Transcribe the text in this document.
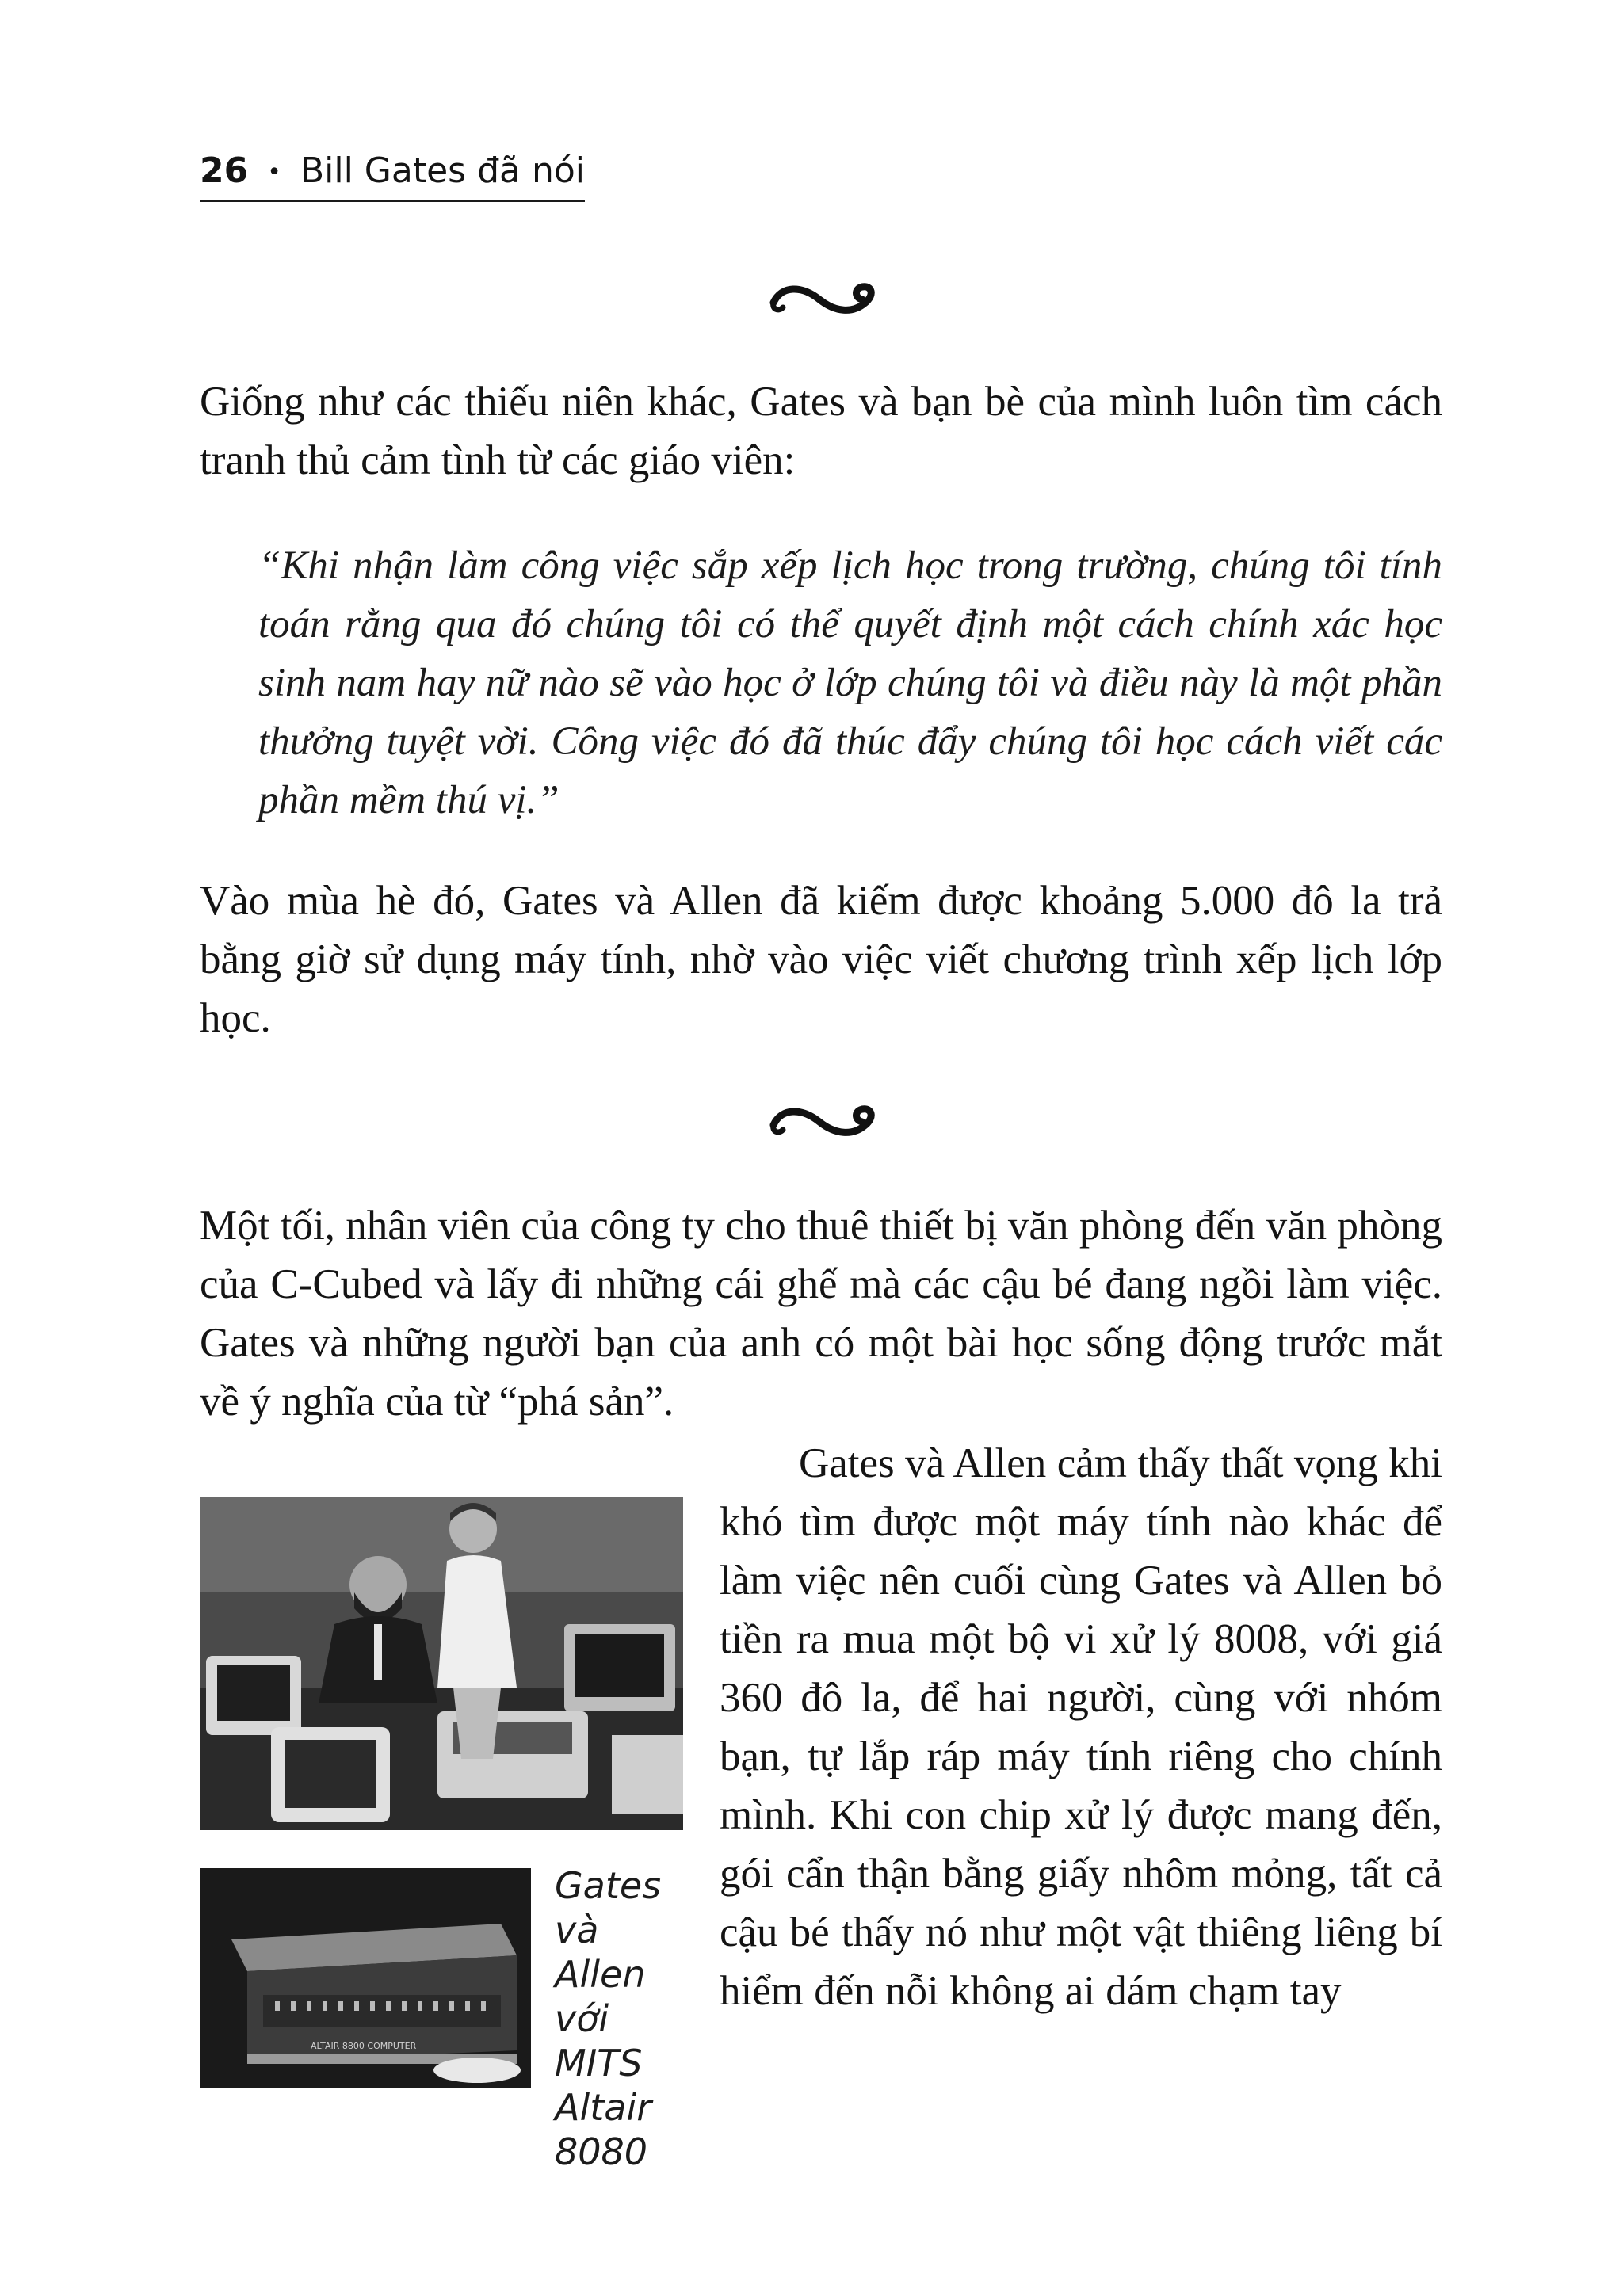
26 • Bill Gates đã nói

Giống như các thiếu niên khác, Gates và bạn bè của mình luôn tìm cách tranh thủ cảm tình từ các giáo viên:

“Khi nhận làm công việc sắp xếp lịch học trong trường, chúng tôi tính toán rằng qua đó chúng tôi có thể quyết định một cách chính xác học sinh nam hay nữ nào sẽ vào học ở lớp chúng tôi và điều này là một phần thưởng tuyệt vời. Công việc đó đã thúc đẩy chúng tôi học cách viết các phần mềm thú vị.”

Vào mùa hè đó, Gates và Allen đã kiếm được khoảng 5.000 đô la trả bằng giờ sử dụng máy tính, nhờ vào việc viết chương trình xếp lịch lớp học.

Một tối, nhân viên của công ty cho thuê thiết bị văn phòng đến văn phòng của C-Cubed và lấy đi những cái ghế mà các cậu bé đang ngồi làm việc. Gates và những người bạn của anh có một bài học sống động trước mắt về ý nghĩa của từ “phá sản”.

Gates và Allen cảm thấy thất vọng khi khó tìm được một máy tính nào khác để làm việc nên cuối cùng Gates và Allen bỏ tiền ra mua một bộ vi xử lý 8008, với giá 360 đô la, để hai người, cùng với nhóm bạn, tự lắp ráp máy tính riêng cho chính mình. Khi con chip xử lý được mang đến, gói cẩn thận bằng giấy nhôm mỏng, tất cả cậu bé thấy nó như một vật thiêng liêng bí hiểm đến nỗi không ai dám chạm tay

ALTAIR 8800 COMPUTER
Gates và
Allen với
MITS
Altair
8080
